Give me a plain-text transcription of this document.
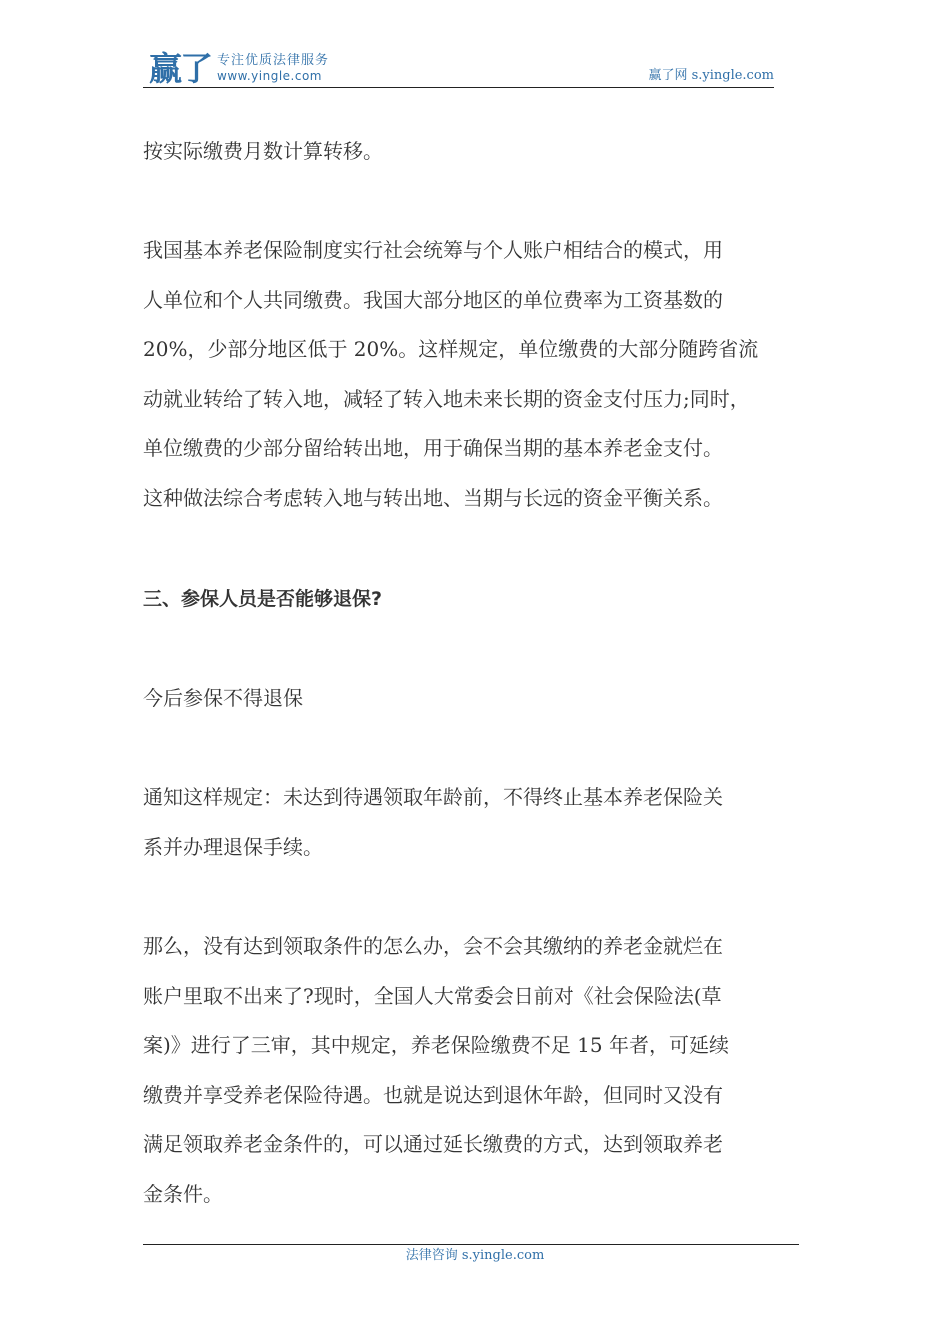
赢了 专注优质法律服务
www.yingle.com	赢了网 s.yingle.com
按实际缴费月数计算转移。
我国基本养老保险制度实行社会统筹与个人账户相结合的模式，用
人单位和个人共同缴费。我国大部分地区的单位费率为工资基数的
20%，少部分地区低于 20%。这样规定，单位缴费的大部分随跨省流
动就业转给了转入地，减轻了转入地未来长期的资金支付压力;同时，
单位缴费的少部分留给转出地，用于确保当期的基本养老金支付。
这种做法综合考虑转入地与转出地、当期与长远的资金平衡关系。
三、参保人员是否能够退保?
今后参保不得退保
通知这样规定：未达到待遇领取年龄前，不得终止基本养老保险关
系并办理退保手续。
那么，没有达到领取条件的怎么办，会不会其缴纳的养老金就烂在
账户里取不出来了?现时，全国人大常委会日前对《社会保险法(草
案)》进行了三审，其中规定，养老保险缴费不足 15 年者，可延续
缴费并享受养老保险待遇。也就是说达到退休年龄，但同时又没有
满足领取养老金条件的，可以通过延长缴费的方式，达到领取养老
金条件。
法律咨询 s.yingle.com
